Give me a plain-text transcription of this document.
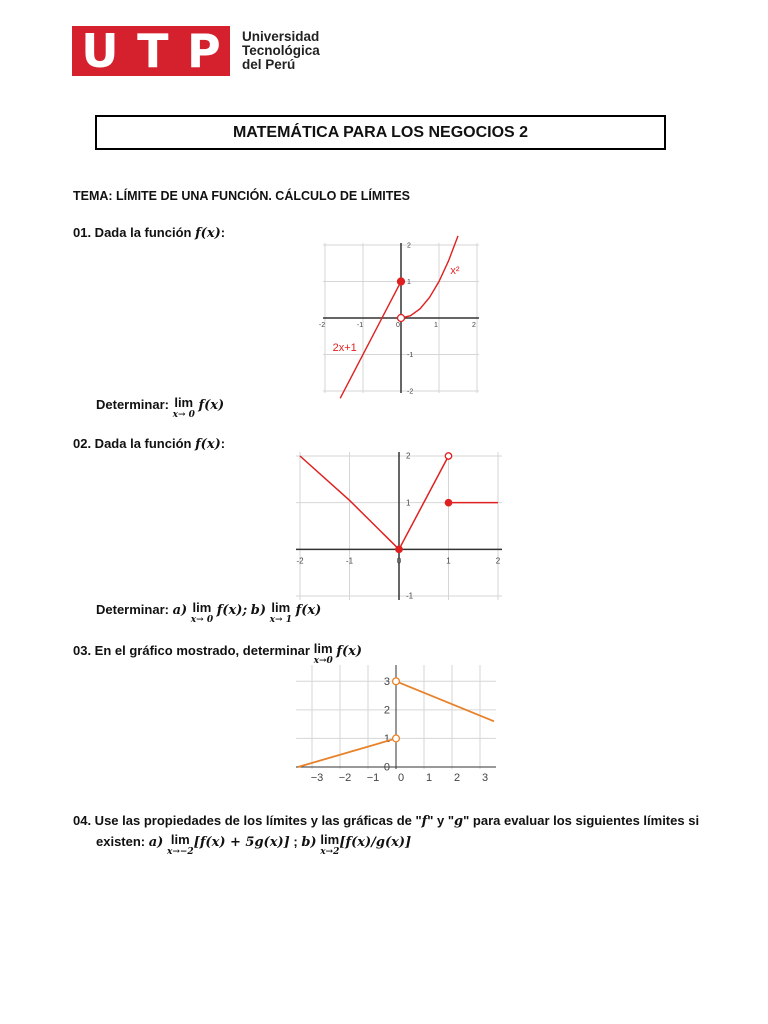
U T P Universidad
Tecnológica
del Perú
MATEMÁTICA PARA LOS NEGOCIOS 2
TEMA: LÍMITE DE UNA FUNCIÓN. CÁLCULO DE LÍMITES
01. Dada la función f(x):
-2	-1	0	1	2
-2
-1
1
2
2x+1
x²
Determinar: lim
x→ 0
f(x)
02. Dada la función f(x):
-2	-1	0	1	2
-1
1
2
Determinar: a) lim
x→ 0
f(x); b) lim
x→ 1
f(x)
03. En el gráfico mostrado, determinar lim
x→0
f(x)
−3 −2 −1 0 1 2 3
0
1
2
3
04. Use las propiedades de los límites y las gráficas de "f" y "g" para evaluar los siguientes límites si
existen: a) lim
x→−2
[f(x) + 5g(x)] ; b) lim
x→2
[f(x)/g(x)]
